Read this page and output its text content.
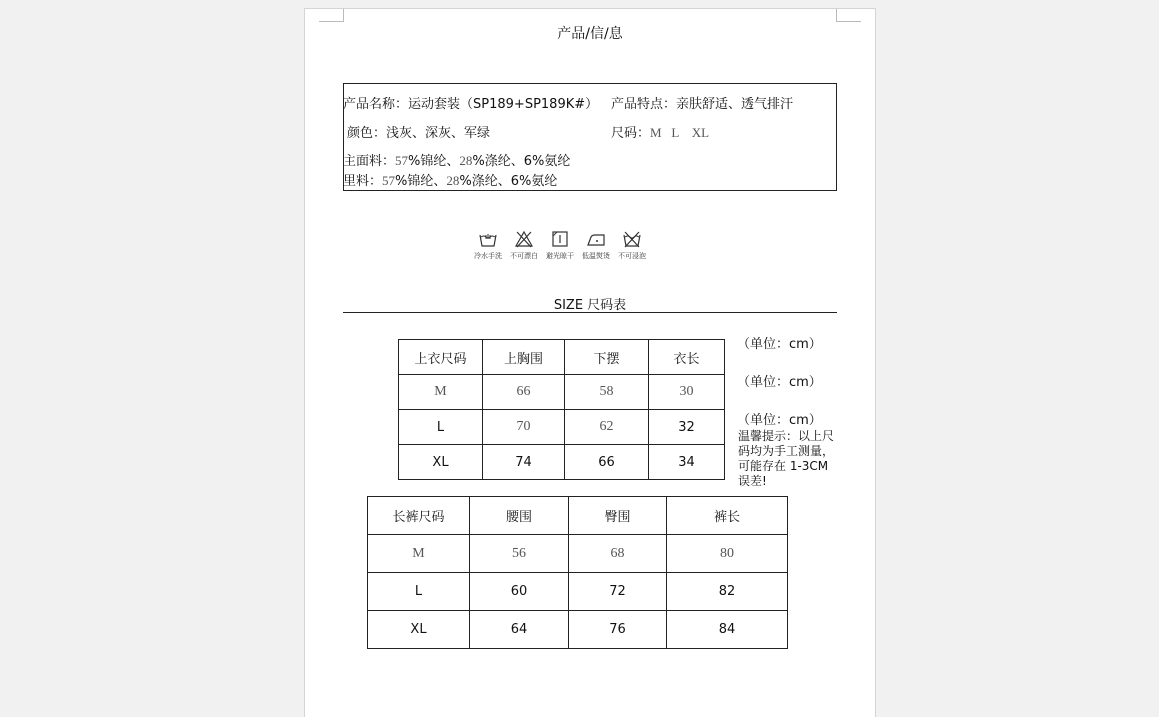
产品/信/息
产品名称：运动套装（SP189+SP189K#） 产品特点：亲肤舒适、透气排汗
颜色：浅灰、深灰、军绿	尺码：M   L    XL
主面料：57%锦纶、28%涤纶、6%氨纶
里料：57%锦纶、28%涤纶、6%氨纶
冷水手洗 不可漂白 避光晾干 低温熨烫 不可浸泡
SIZE 尺码表
上衣尺码	上胸围	下摆	衣长
M	66	58	30
L	70	62	32
XL	74	66	34
（单位：cm）
（单位：cm）
（单位：cm）
温馨提示：以上尺码均为手工测量，可能存在 1-3CM 误差!
长裤尺码	腰围	臀围	裤长
M	56	68	80
L	60	72	82
XL	64	76	84
